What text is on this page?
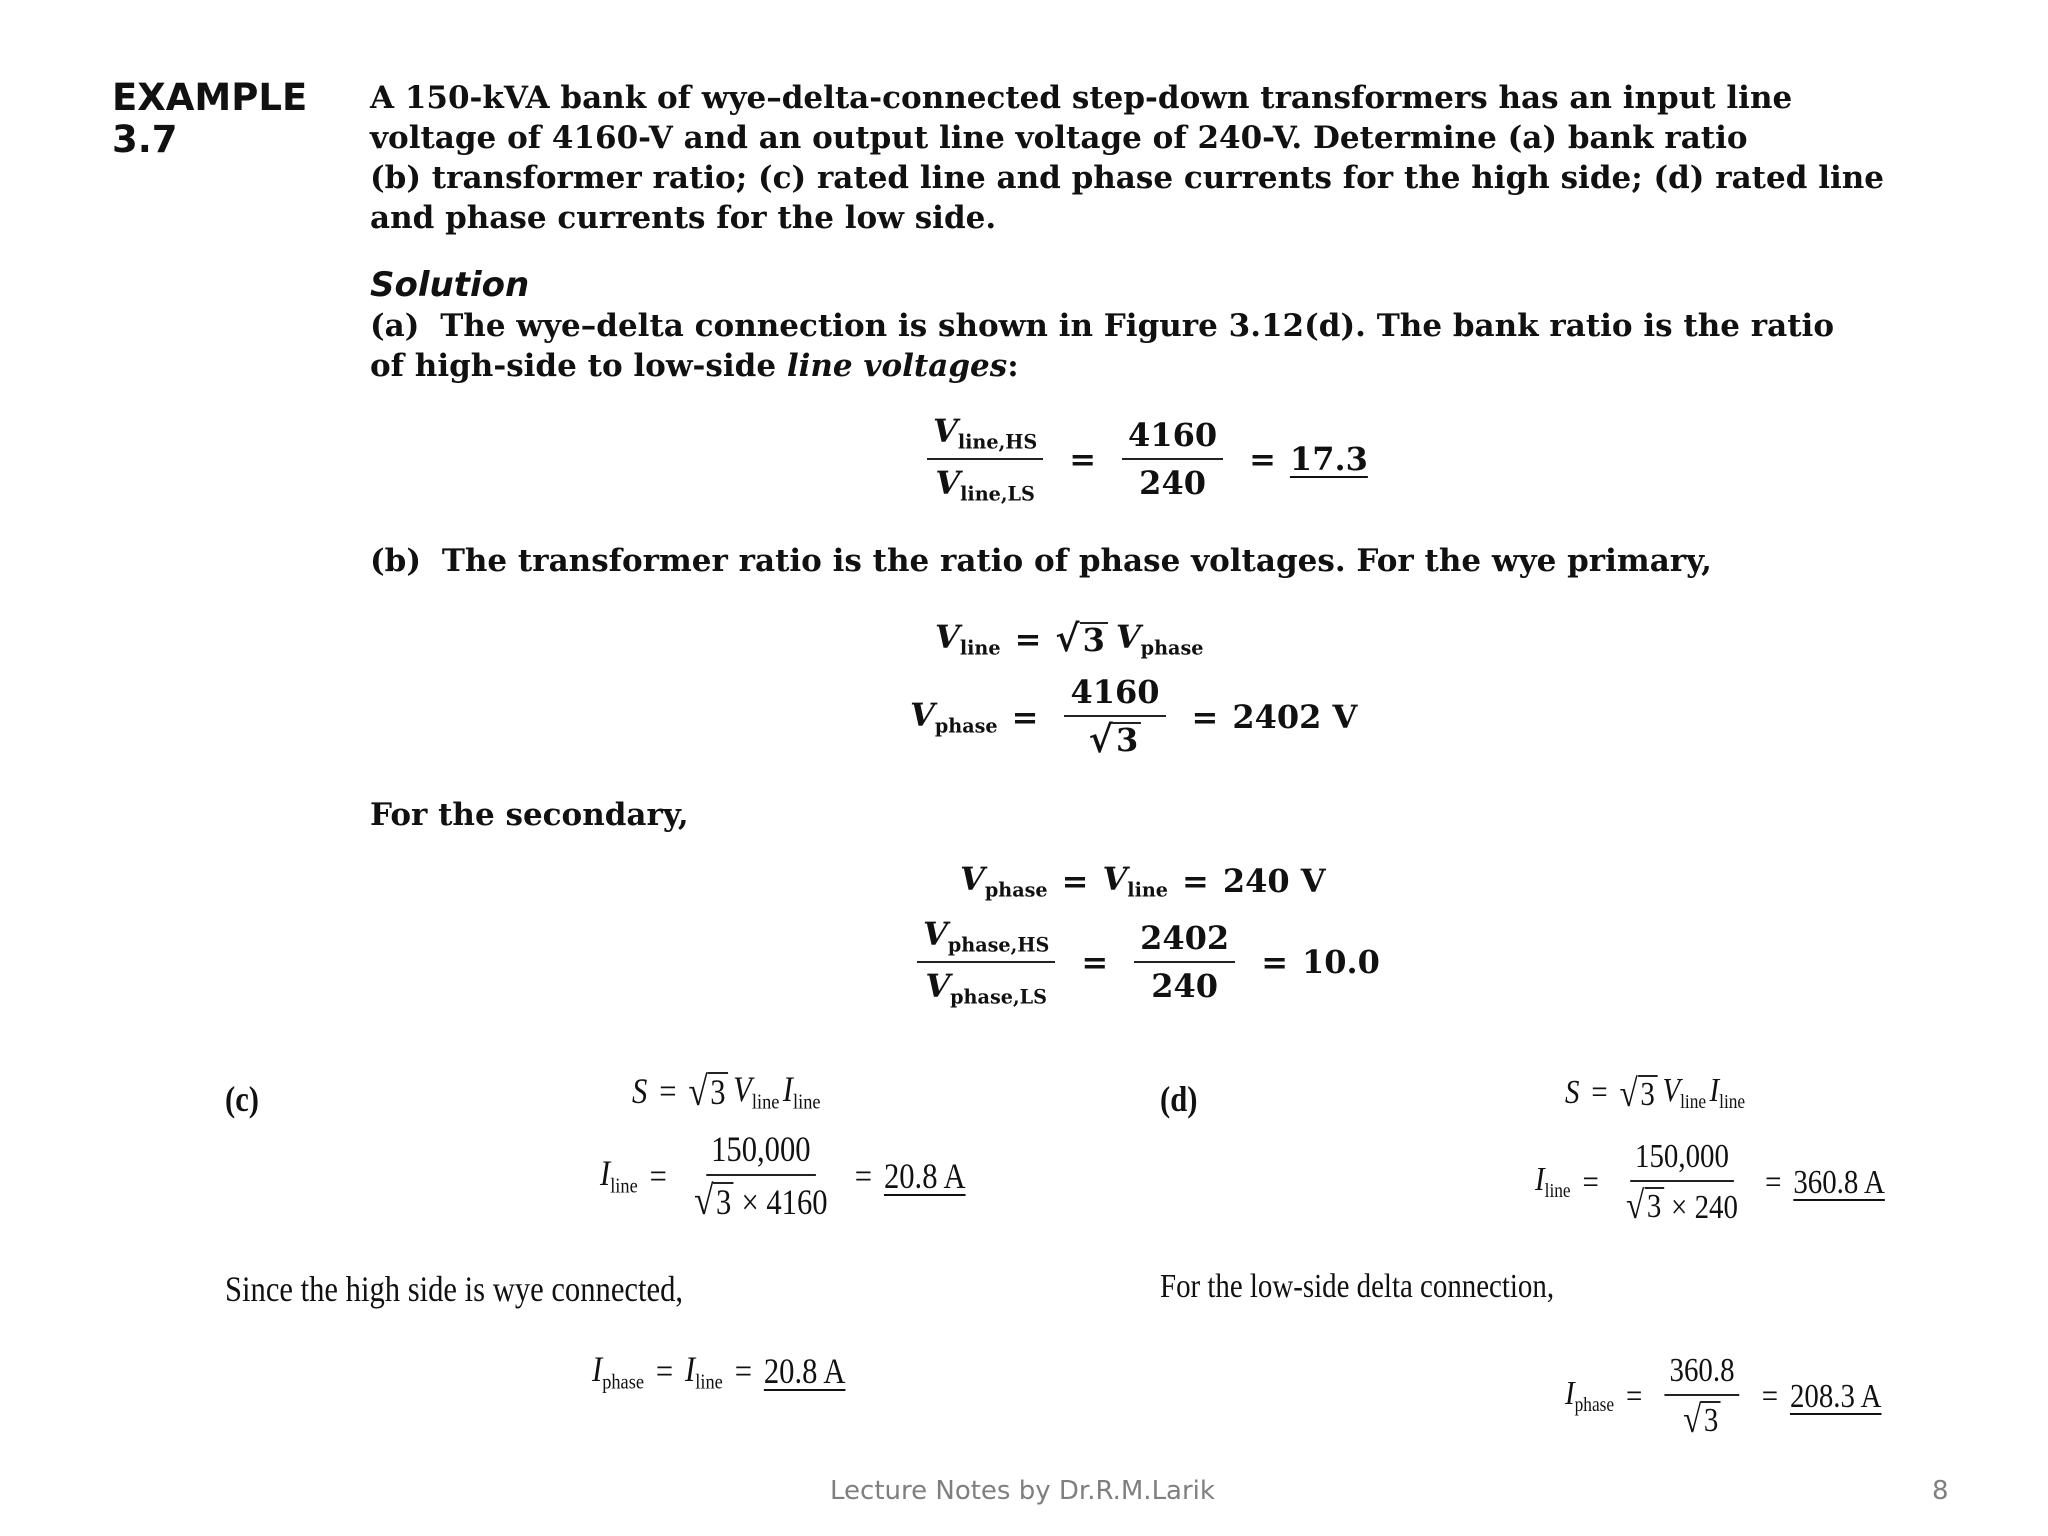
EXAMPLE
3.7
A 150-kVA bank of wye–delta-connected step-down transformers has an input line
voltage of 4160-V and an output line voltage of 240-V. Determine (a) bank ratio
(b) transformer ratio; (c) rated line and phase currents for the high side; (d) rated line
and phase currents for the low side.
Solution
(a) The wye–delta connection is shown in Figure 3.12(d). The bank ratio is the ratio
of high-side to low-side line voltages:
$\frac{V_{line,HS}}{V_{line,LS}} = \frac{4160}{240} = 17.3$
(b) The transformer ratio is the ratio of phase voltages. For the wye primary,
$V_{line}$ = √ 3 $V_{phase}$
$V_{phase} = \frac{4160}{√ 3} = 2402$ V
For the secondary,
$V_{phase} = V_{line} = 240$ V
$\frac{V_{phase,HS}}{V_{phase,LS}} = \frac{2402}{240} = 10.0$
(c)	S = √ 3 $V_{line}$ $I_{line}$
$I_{line} = \frac{150,000}{√ 3 \times 4160} = 20.8$ A
Since the high side is wye connected,
$I_{phase} = I_{line} = 20.8$ A
(d)	S = √ 3 $V_{line}$ $I_{line}$
$I_{line} = \frac{150,000}{√ 3 \times 240} = 360.8$ A
For the low-side delta connection,
$I_{phase} = \frac{360.8}{√ 3} = 208.3$ A
Lecture Notes by Dr.R.M.Larik	8
